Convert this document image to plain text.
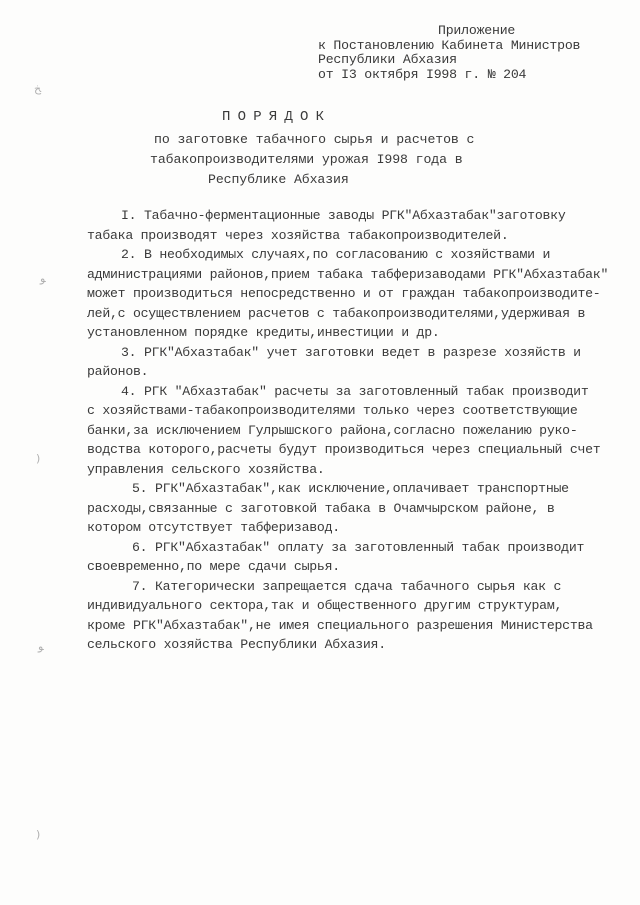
ﺦ
ﻮ
)
ﻮ
)
Приложение
к Постановлению Кабинета Министров
Республики Абхазия
от I3 октября I998 г. № 204
ПОРЯДОК
по заготовке табачного сырья и расчетов с
табакопроизводителями урожая I998 года в
Республике Абхазия
I. Табачно-ферментационные заводы РГК"Абхазтабак"заготовку
табака производят через хозяйства табакопроизводителей.
2. В необходимых случаях,по согласованию с хозяйствами и
администрациями районов,прием табака табферизаводами РГК"Абхазтабак"
может производиться непосредственно и от граждан табакопроизводите-
лей,с осуществлением расчетов с табакопроизводителями,удерживая в
установленном порядке кредиты,инвестиции и др.
3. РГК"Абхазтабак" учет заготовки ведет в разрезе хозяйств и
районов.
4. РГК "Абхазтабак" расчеты за заготовленный табак производит
с хозяйствами-табакопроизводителями только через соответствующие
банки,за исключением Гулрышского района,согласно пожеланию руко-
водства которого,расчеты будут производиться через специальный счет
управления сельского хозяйства.
5. РГК"Абхазтабак",как исключение,оплачивает транспортные
расходы,связанные с заготовкой табака в Очамчырском районе, в
котором отсутствует табферизавод.
6. РГК"Абхазтабак" оплату за заготовленный табак производит
своевременно,по мере сдачи сырья.
7. Категорически запрещается сдача табачного сырья как с
индивидуального сектора,так и общественного другим структурам,
кроме РГК"Абхазтабак",не имея специального разрешения Министерства
сельского хозяйства Республики Абхазия.
